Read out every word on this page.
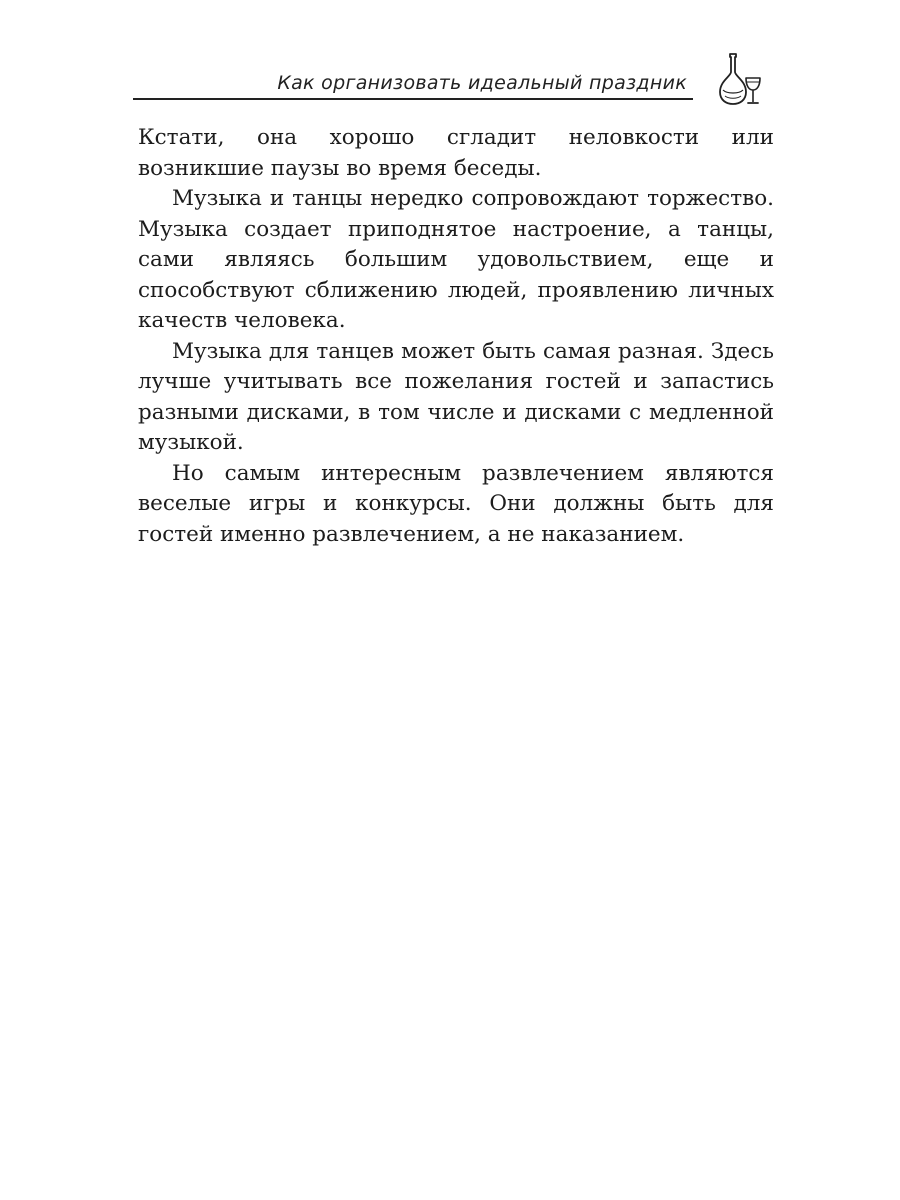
Как организовать идеальный праздник

Кстати, она хорошо сгладит неловкости или возникшие паузы во время беседы.

Музыка и танцы нередко сопровождают торжество. Музыка создает приподнятое настроение, а танцы, сами являясь большим удовольствием, еще и способствуют сближению людей, проявлению личных качеств человека.

Музыка для танцев может быть самая разная. Здесь лучше учитывать все пожелания гостей и запастись разными дисками, в том числе и дисками с медленной музыкой.

Но самым интересным развлечением являются веселые игры и конкурсы. Они должны быть для гостей именно развлечением, а не наказанием.
